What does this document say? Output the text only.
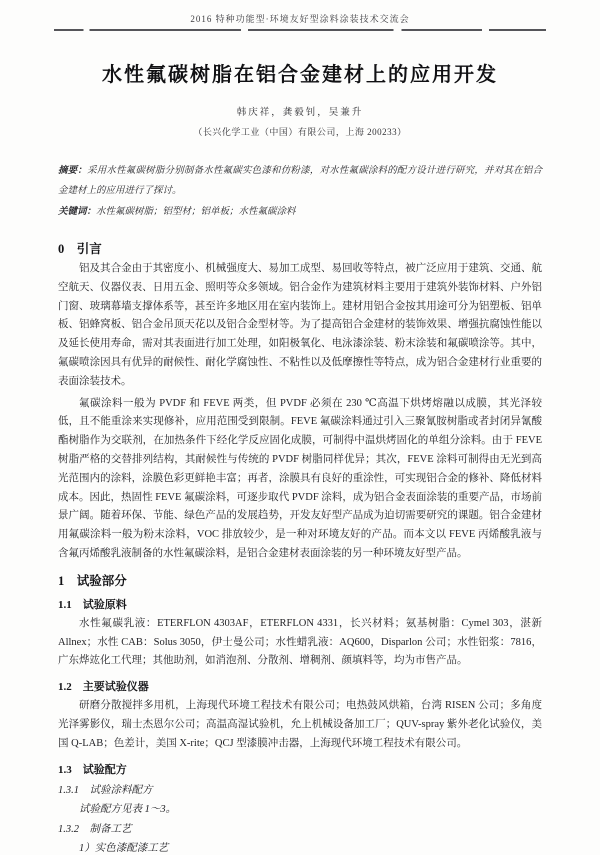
2016 特种功能型·环境友好型涂料涂装技术交流会
水性氟碳树脂在铝合金建材上的应用开发
韩庆祥，龚毅钊，吴兼升
（长兴化学工业（中国）有限公司，上海 200233）
摘要：采用水性氟碳树脂分别制备水性氟碳实色漆和仿粉漆，对水性氟碳涂料的配方设计进行研究，并对其在铝合金建材上的应用进行了探讨。
关键词：水性氟碳树脂；铝型材；铝单板；水性氟碳涂料
0　引言

铝及其合金由于其密度小、机械强度大、易加工成型、易回收等特点，被广泛应用于建筑、交通、航空航天、仪器仪表、日用五金、照明等众多领域。铝合金作为建筑材料主要用于建筑外装饰材料、户外铝门窗、玻璃幕墙支撑体系等，甚至许多地区用在室内装饰上。建材用铝合金按其用途可分为铝塑板、铝单板、铝蜂窝板、铝合金吊顶天花以及铝合金型材等。为了提高铝合金建材的装饰效果、增强抗腐蚀性能以及延长使用寿命，需对其表面进行加工处理，如阳极氧化、电泳漆涂装、粉末涂装和氟碳喷涂等。其中，氟碳喷涂因具有优异的耐候性、耐化学腐蚀性、不粘性以及低摩擦性等特点，成为铝合金建材行业重要的表面涂装技术。

氟碳涂料一般为 PVDF 和 FEVE 两类，但 PVDF 必须在 230 ℃高温下烘烤熔融以成膜，其光泽较低，且不能重涂来实现修补，应用范围受到限制。FEVE 氟碳涂料通过引入三聚氰胺树脂或者封闭异氰酸酯树脂作为交联剂，在加热条件下经化学反应固化成膜，可制得中温烘烤固化的单组分涂料。由于 FEVE 树脂严格的交替排列结构，其耐候性与传统的 PVDF 树脂同样优异；其次，FEVE 涂料可制得由无光到高光范围内的涂料，涂膜色彩更鲜艳丰富；再者，涂膜具有良好的重涂性，可实现铝合金的修补、降低材料成本。因此，热固性 FEVE 氟碳涂料，可逐步取代 PVDF 涂料，成为铝合金表面涂装的重要产品，市场前景广阔。随着环保、节能、绿色产品的发展趋势，开发友好型产品成为迫切需要研究的课题。铝合金建材用氟碳涂料一般为粉末涂料，VOC 排放较少，是一种对环境友好的产品。而本文以 FEVE 丙烯酸乳液与含氟丙烯酸乳液制备的水性氟碳涂料，是铝合金建材表面涂装的另一种环境友好型产品。

1　试验部分
1.1　试验原料

水性氟碳乳液：ETERFLON 4303AF，ETERFLON 4331，长兴材料；氨基树脂：Cymel 303，湛新 Allnex；水性 CAB：Solus 3050，伊士曼公司；水性蜡乳液：AQ600，Disparlon 公司；水性铝浆：7816，广东烨竑化工代理；其他助剂，如消泡剂、分散剂、增稠剂、颜填料等，均为市售产品。

1.2　主要试验仪器

研磨分散搅拌多用机，上海现代环境工程技术有限公司；电热鼓风烘箱，台湾 RISEN 公司；多角度光泽雾影仪，瑞士杰恩尔公司；高温高湿试验机，允上机械设备加工厂；QUV-spray 紫外老化试验仪，美国 Q-LAB；色差计，美国 X-rite；QCJ 型漆膜冲击器，上海现代环境工程技术有限公司。

1.3　试验配方
1.3.1　试验涂料配方

试验配方见表 1～3。

1.3.2　制备工艺

1）实色漆配漆工艺
